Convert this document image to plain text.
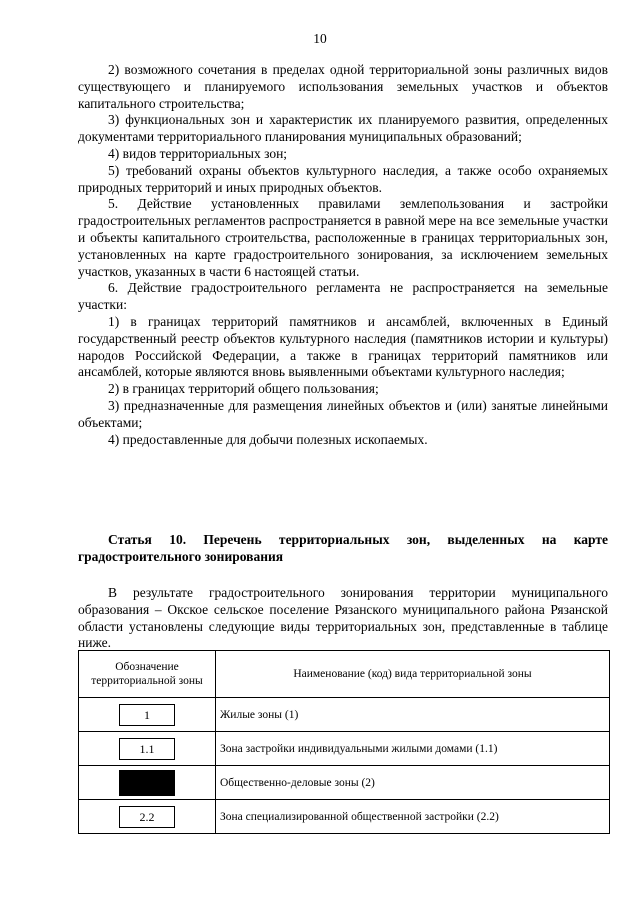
10

2) возможного сочетания в пределах одной территориальной зоны различных видов существующего и планируемого использования земельных участков и объектов капитального строительства;

3) функциональных зон и характеристик их планируемого развития, определенных документами территориального планирования муниципальных образований;

4) видов территориальных зон;

5) требований охраны объектов культурного наследия, а также особо охраняемых природных территорий и иных природных объектов.

5. Действие установленных правилами землепользования и застройки градостроительных регламентов распространяется в равной мере на все земельные участки и объекты капитального строительства, расположенные в границах территориальных зон, установленных на карте градостроительного зонирования, за исключением земельных участков, указанных в части 6 настоящей статьи.

6. Действие градостроительного регламента не распространяется на земельные участки:

1) в границах территорий памятников и ансамблей, включенных в Единый государственный реестр объектов культурного наследия (памятников истории и культуры) народов Российской Федерации, а также в границах территорий памятников или ансамблей, которые являются вновь выявленными объектами культурного наследия;

2) в границах территорий общего пользования;

3) предназначенные для размещения линейных объектов и (или) занятые линейными объектами;

4) предоставленные для добычи полезных ископаемых.

Статья 10. Перечень территориальных зон, выделенных на карте градостроительного зонирования
В результате градостроительного зонирования территории муниципального образования – Окское сельское поселение Рязанского муниципального района Рязанской области установлены следующие виды территориальных зон, представленные в таблице ниже.
Обозначение территориальной зоны	Наименование (код) вида территориальной зоны
1	Жилые зоны (1)
1.1	Зона застройки индивидуальными жилыми домами (1.1)
2	Общественно-деловые зоны (2)
2.2	Зона специализированной общественной застройки (2.2)
